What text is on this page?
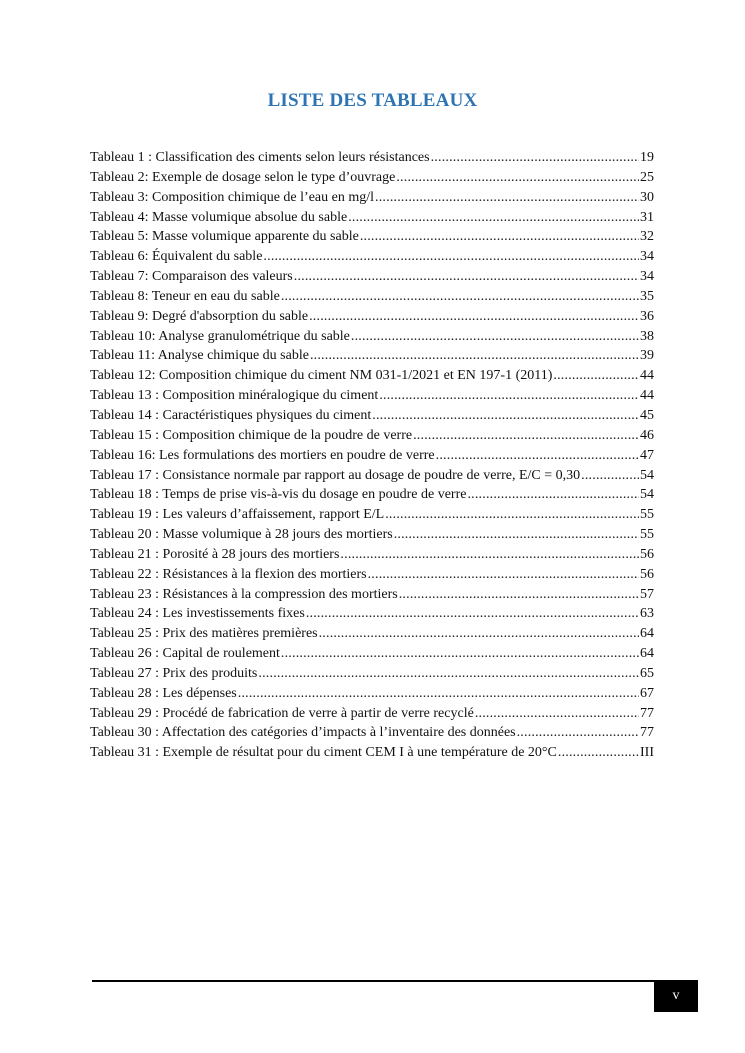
LISTE DES TABLEAUX
Tableau 1 : Classification des ciments selon leurs résistances .....	19
Tableau 2: Exemple de dosage selon le type d’ouvrage .....	25
Tableau 3: Composition chimique de l’eau en mg/l .....	30
Tableau 4: Masse volumique absolue du sable .....	31
Tableau 5: Masse volumique apparente du sable .....	32
Tableau 6: Équivalent du sable .....	34
Tableau 7: Comparaison des valeurs .....	34
Tableau 8: Teneur en eau du sable .....	35
Tableau 9: Degré d'absorption du sable .....	36
Tableau 10: Analyse granulométrique du sable .....	38
Tableau 11: Analyse chimique du sable .....	39
Tableau 12: Composition chimique du ciment NM 031-1/2021 et EN 197-1 (2011) .....	44
Tableau 13 : Composition minéralogique du ciment .....	44
Tableau 14 : Caractéristiques physiques du ciment .....	45
Tableau 15 : Composition chimique de la poudre de verre .....	46
Tableau 16: Les formulations des mortiers en poudre de verre .....	47
Tableau 17 : Consistance normale par rapport au dosage de poudre de verre, E/C = 0,30 .....	54
Tableau 18 : Temps de prise vis-à-vis du dosage en poudre de verre .....	54
Tableau 19 : Les valeurs d’affaissement, rapport E/L .....	55
Tableau 20 : Masse volumique à 28 jours des mortiers .....	55
Tableau 21 : Porosité à 28 jours des mortiers .....	56
Tableau 22 : Résistances à la flexion des mortiers .....	56
Tableau 23 : Résistances à la compression des mortiers .....	57
Tableau 24 : Les investissements fixes .....	63
Tableau 25 : Prix des matières premières .....	64
Tableau 26 : Capital de roulement .....	64
Tableau 27 : Prix des produits .....	65
Tableau 28 : Les dépenses .....	67
Tableau 29 : Procédé de fabrication de verre à partir de verre recyclé .....	77
Tableau 30 : Affectation des catégories d’impacts à l’inventaire des données .....	77
Tableau 31 : Exemple de résultat pour du ciment CEM I à une température de 20°C .....	III
v
